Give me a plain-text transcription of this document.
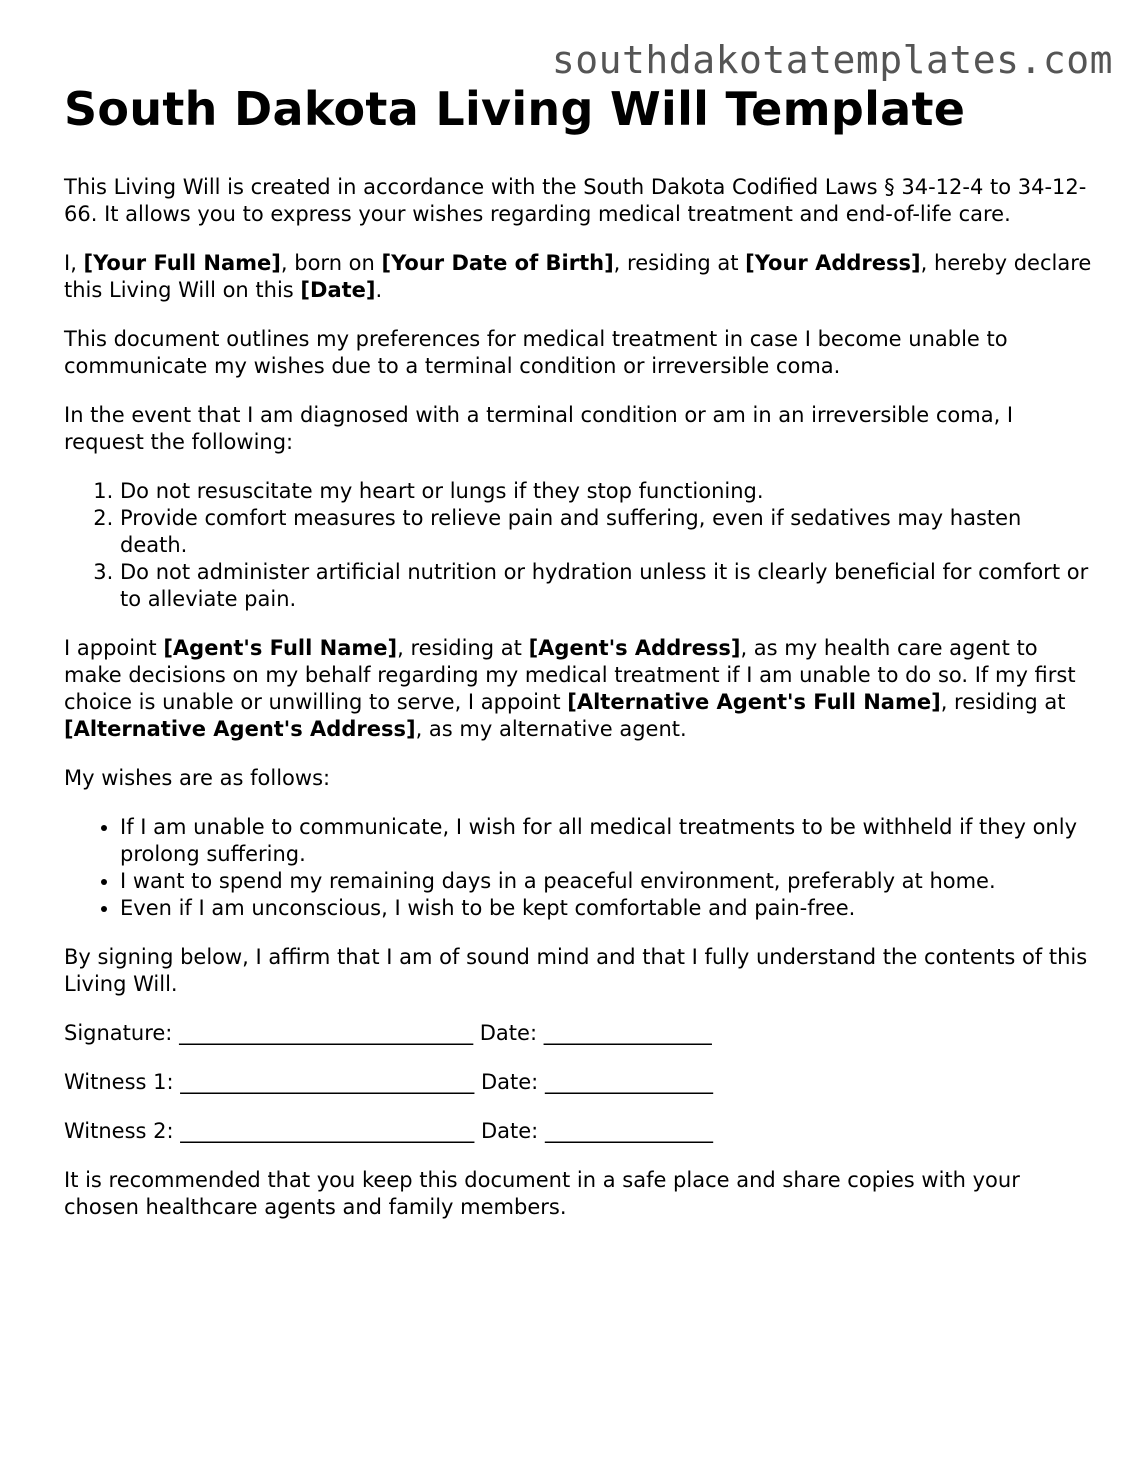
southdakotatemplates.com
South Dakota Living Will Template

This Living Will is created in accordance with the South Dakota Codified Laws § 34-12-4 to 34-12-66. It allows you to express your wishes regarding medical treatment and end-of-life care.

I, [Your Full Name], born on [Your Date of Birth], residing at [Your Address], hereby declare this Living Will on this [Date].

This document outlines my preferences for medical treatment in case I become unable to communicate my wishes due to a terminal condition or irreversible coma.

In the event that I am diagnosed with a terminal condition or am in an irreversible coma, I request the following:

1. Do not resuscitate my heart or lungs if they stop functioning.
2. Provide comfort measures to relieve pain and suffering, even if sedatives may hasten death.
3. Do not administer artificial nutrition or hydration unless it is clearly beneficial for comfort or to alleviate pain.

I appoint [Agent's Full Name], residing at [Agent's Address], as my health care agent to make decisions on my behalf regarding my medical treatment if I am unable to do so. If my first choice is unable or unwilling to serve, I appoint [Alternative Agent's Full Name], residing at [Alternative Agent's Address], as my alternative agent.

My wishes are as follows:

• If I am unable to communicate, I wish for all medical treatments to be withheld if they only prolong suffering.
• I want to spend my remaining days in a peaceful environment, preferably at home.
• Even if I am unconscious, I wish to be kept comfortable and pain-free.

By signing below, I affirm that I am of sound mind and that I fully understand the contents of this Living Will.

Signature: ____________________________ Date: ________________
Witness 1: ____________________________ Date: ________________
Witness 2: ____________________________ Date: ________________

It is recommended that you keep this document in a safe place and share copies with your chosen healthcare agents and family members.
